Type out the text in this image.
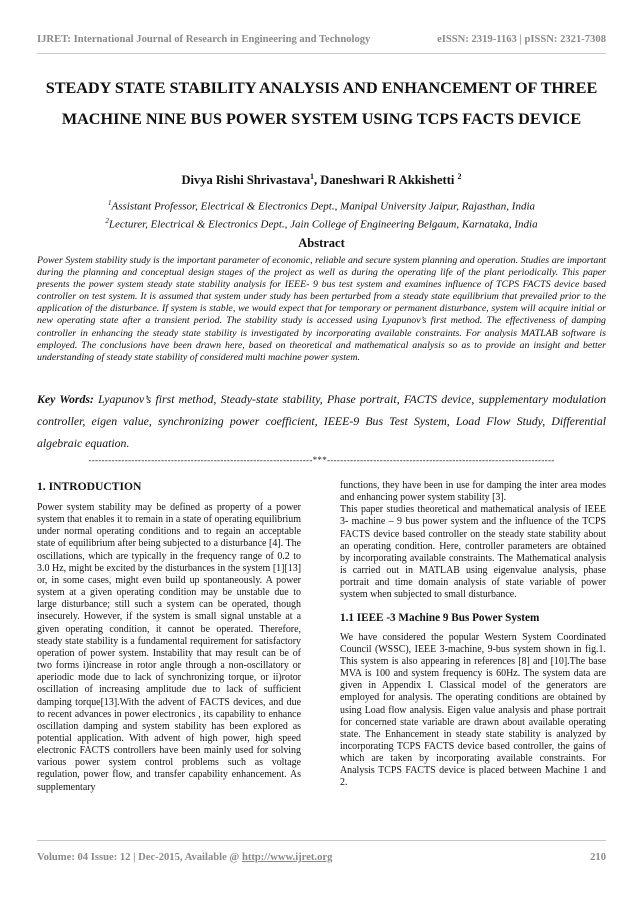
IJRET: International Journal of Research in Engineering and Technology	eISSN: 2319-1163 | pISSN: 2321-7308
STEADY STATE STABILITY ANALYSIS AND ENHANCEMENT OF THREE MACHINE NINE BUS POWER SYSTEM USING TCPS FACTS DEVICE
Divya Rishi Shrivastava$^1$, Daneshwari R Akkishetti $^2$
$^1$Assistant Professor, Electrical & Electronics Dept., Manipal University Jaipur, Rajasthan, India
$^2$Lecturer, Electrical & Electronics Dept., Jain College of Engineering Belgaum, Karnataka, India
Abstract
Power System stability study is the important parameter of economic, reliable and secure system planning and operation. Studies are important during the planning and conceptual design stages of the project as well as during the operating life of the plant periodically. This paper presents the power system steady state stability analysis for IEEE- 9 bus test system and examines influence of TCPS FACTS device based controller on test system. It is assumed that system under study has been perturbed from a steady state equilibrium that prevailed prior to the application of the disturbance. If system is stable, we would expect that for temporary or permanent disturbance, system will acquire initial or new operating state after a transient period. The stability study is accessed using Lyapunov’s first method. The effectiveness of damping controller in enhancing the steady state stability is investigated by incorporating available constraints. For analysis MATLAB software is employed. The conclusions have been drawn here, based on theoretical and mathematical analysis so as to provide an insight and better understanding of steady state stability of considered multi machine power system.
Key Words: Lyapunov’s first method, Steady-state stability, Phase portrait, FACTS device, supplementary modulation controller, eigen value, synchronizing power coefficient, IEEE-9 Bus Test System, Load Flow Study, Differential algebraic equation.
--------------------------------------------------------------------***---------------------------------------------------------------------
1. INTRODUCTION

Power system stability may be defined as property of a power system that enables it to remain in a state of operating equilibrium under normal operating conditions and to regain an acceptable state of equilibrium after being subjected to a disturbance [4]. The oscillations, which are typically in the frequency range of 0.2 to 3.0 Hz, might be excited by the disturbances in the system [1][13] or, in some cases, might even build up spontaneously. A power system at a given operating condition may be unstable due to large disturbance; still such a system can be operated, though insecurely. However, if the system is small signal unstable at a given operating condition, it cannot be operated. Therefore, steady state stability is a fundamental requirement for satisfactory operation of power system. Instability that may result can be of two forms i)increase in rotor angle through a non-oscillatory or aperiodic mode due to lack of synchronizing torque, or ii)rotor oscillation of increasing amplitude due to lack of sufficient damping torque[13].With the advent of FACTS devices, and due to recent advances in power electronics , its capability to enhance oscillation damping and system stability has been explored as potential application. With advent of high power, high speed electronic FACTS controllers have been mainly used for solving various power system control problems such as voltage regulation, power flow, and transfer capability enhancement. As supplementary

functions, they have been in use for damping the inter area modes and enhancing power system stability [3].

This paper studies theoretical and mathematical analysis of IEEE 3- machine – 9 bus power system and the influence of the TCPS FACTS device based controller on the steady state stability about an operating condition. Here, controller parameters are obtained by incorporating available constraints. The Mathematical analysis is carried out in MATLAB using eigenvalue analysis, phase portrait and time domain analysis of state variable of power system when subjected to small disturbance.

1.1 IEEE -3 Machine 9 Bus Power System

We have considered the popular Western System Coordinated Council (WSSC), IEEE 3-machine, 9-bus system shown in fig.1. This system is also appearing in references [8] and [10].The base MVA is 100 and system frequency is 60Hz. The system data are given in Appendix I. Classical model of the generators are employed for analysis. The operating conditions are obtained by using Load flow analysis. Eigen value analysis and phase portrait for concerned state variable are drawn about available operating state. The Enhancement in steady state stability is analyzed by incorporating TCPS FACTS device based controller, the gains of which are taken by incorporating available constraints. For Analysis TCPS FACTS device is placed between Machine 1 and 2.

Volume: 04 Issue: 12 | Dec-2015, Available @ http://www.ijret.org	210
